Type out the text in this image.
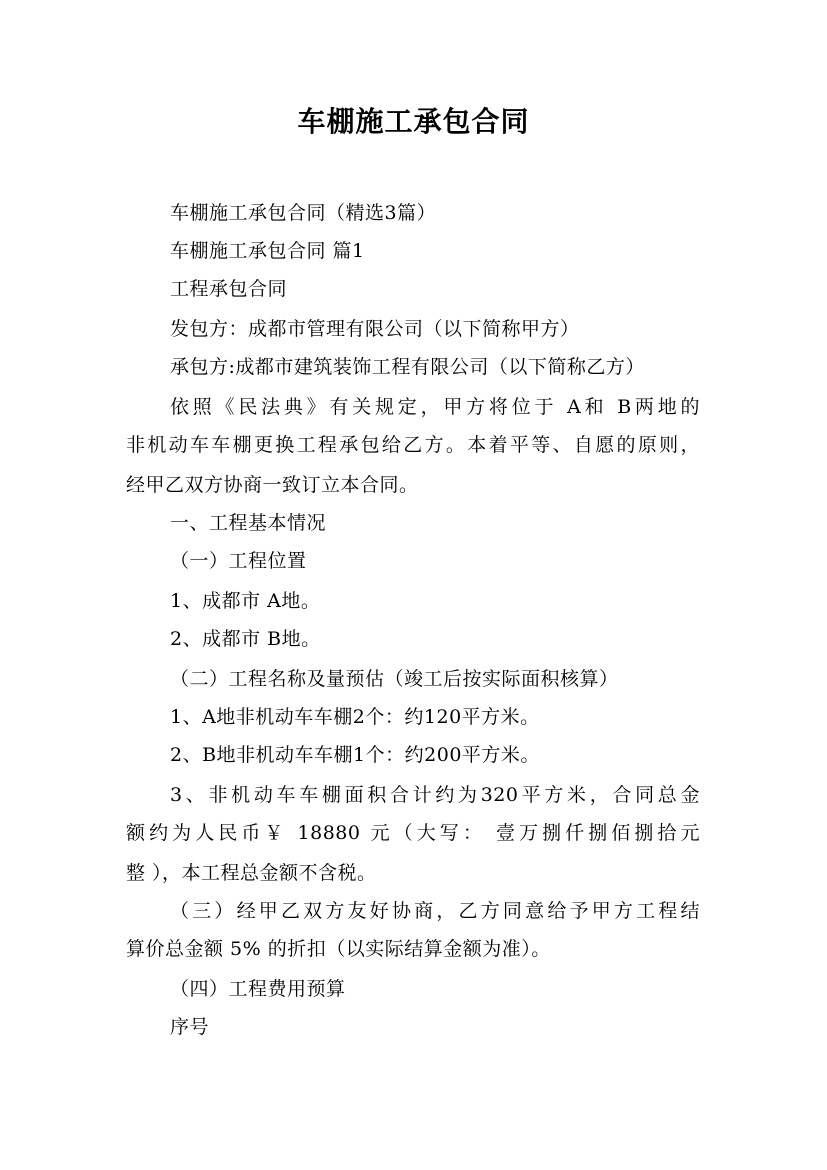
车棚施工承包合同
车棚施工承包合同（精选3篇）
车棚施工承包合同 篇1
工程承包合同
发包方：成都市管理有限公司（以下简称甲方）
承包方:成都市建筑装饰工程有限公司（以下简称乙方）
依照《民法典》有关规定，甲方将位于 A和 B两地的
非机动车车棚更换工程承包给乙方。本着平等、自愿的原则，
经甲乙双方协商一致订立本合同。
一、工程基本情况
（一）工程位置
1、成都市 A地。
2、成都市 B地。
（二）工程名称及量预估（竣工后按实际面积核算）
1、A地非机动车车棚2个：约120平方米。
2、B地非机动车车棚1个：约200平方米。
3、非机动车车棚面积合计约为320平方米，合同总金
额约为人民币￥ 18880 元（大写： 壹万捌仟捌佰捌拾元
整 ），本工程总金额不含税。
（三）经甲乙双方友好协商，乙方同意给予甲方工程结
算价总金额 5% 的折扣（以实际结算金额为准）。
（四）工程费用预算
序号
